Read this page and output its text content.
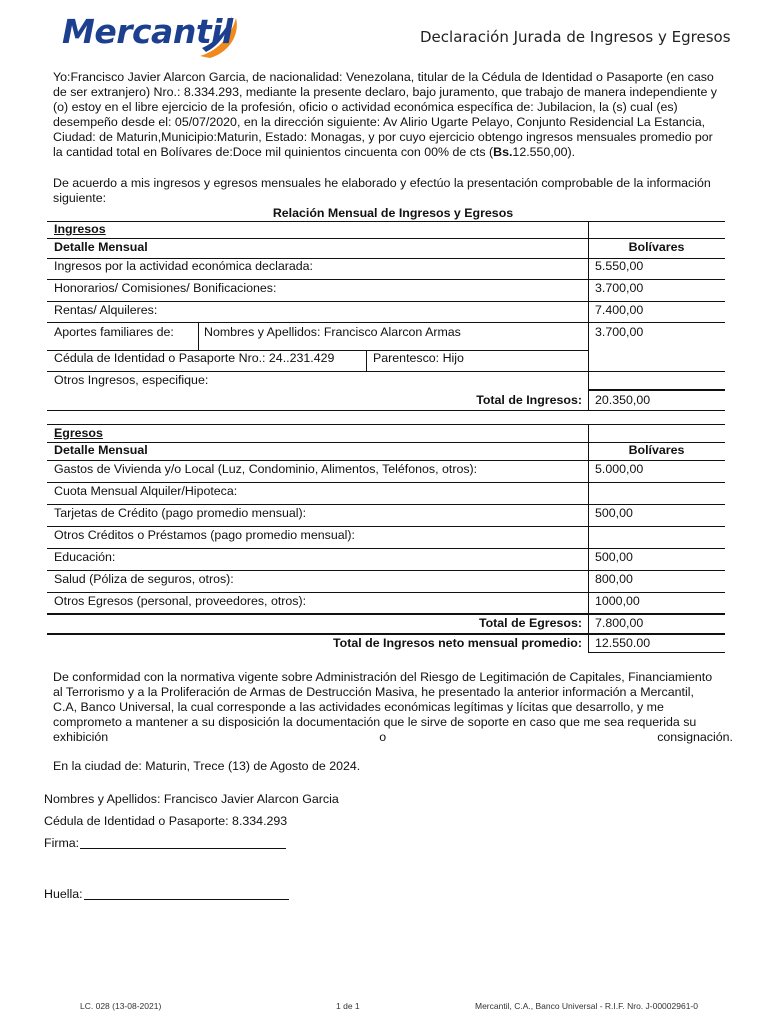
Mercantil	Declaración Jurada de Ingresos y Egresos
Yo:Francisco Javier Alarcon Garcia, de nacionalidad: Venezolana, titular de la Cédula de Identidad o Pasaporte (en caso
de ser extranjero) Nro.: 8.334.293, mediante la presente declaro, bajo juramento, que trabajo de manera independiente y
(o) estoy en el libre ejercicio de la profesión, oficio o actividad económica específica de: Jubilacion, la (s) cual (es)
desempeño desde el: 05/07/2020, en la dirección siguiente: Av Alirio Ugarte Pelayo, Conjunto Residencial La Estancia,
Ciudad: de Maturin,Municipio:Maturin, Estado: Monagas, y por cuyo ejercicio obtengo ingresos mensuales promedio por
la cantidad total en Bolívares de:Doce mil quinientos cincuenta con 00% de cts (Bs.12.550,00).
De acuerdo a mis ingresos y egresos mensuales he elaborado y efectúo la presentación comprobable de la información
siguiente:
Relación Mensual de Ingresos y Egresos
Ingresos
Detalle Mensual	Bolívares
Ingresos por la actividad económica declarada:	5.550,00
Honorarios/ Comisiones/ Bonificaciones:	3.700,00
Rentas/ Alquileres:	7.400,00
Aportes familiares de: Nombres y Apellidos: Francisco Alarcon Armas	3.700,00
Cédula de Identidad o Pasaporte Nro.: 24..231.429	Parentesco: Hijo
Otros Ingresos, especifique:
Total de Ingresos: 20.350,00
Egresos
Detalle Mensual	Bolívares
Gastos de Vivienda y/o Local (Luz, Condominio, Alimentos, Teléfonos, otros):	5.000,00
Cuota Mensual Alquiler/Hipoteca:
Tarjetas de Crédito (pago promedio mensual):	500,00
Otros Créditos o Préstamos (pago promedio mensual):
Educación:	500,00
Salud (Póliza de seguros, otros):	800,00
Otros Egresos (personal, proveedores, otros):	1000,00
Total de Egresos: 7.800,00
Total de Ingresos neto mensual promedio: 12.550.00
De conformidad con la normativa vigente sobre Administración del Riesgo de Legitimación de Capitales, Financiamiento
al Terrorismo y a la Proliferación de Armas de Destrucción Masiva, he presentado la anterior información a Mercantil,
C.A, Banco Universal, la cual corresponde a las actividades económicas legítimas y lícitas que desarrollo, y me
comprometo a mantener a su disposición la documentación que le sirve de soporte en caso que me sea requerida su
exhibición	o	consignación.
En la ciudad de: Maturin, Trece (13) de Agosto de 2024.
Nombres y Apellidos: Francisco Javier Alarcon Garcia
Cédula de Identidad o Pasaporte: 8.334.293
Firma:
Huella:
LC. 028 (13-08-2021)	1 de 1	Mercantil, C.A., Banco Universal - R.I.F. Nro. J-00002961-0
